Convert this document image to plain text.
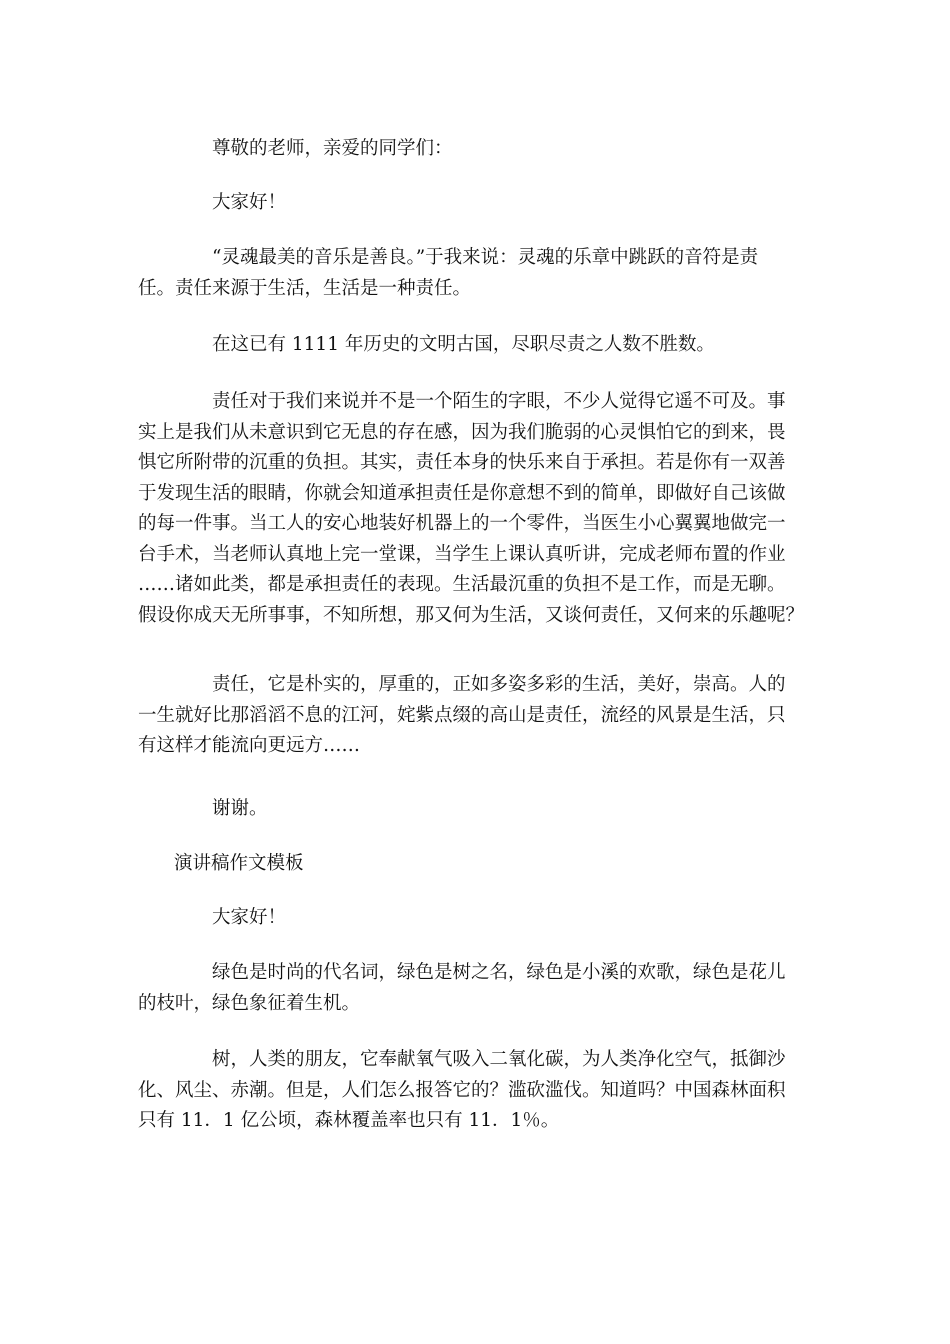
尊敬的老师，亲爱的同学们：

大家好！

“灵魂最美的音乐是善良。”于我来说：灵魂的乐章中跳跃的音符是责
任。责任来源于生活，生活是一种责任。

在这已有 1111 年历史的文明古国，尽职尽责之人数不胜数。

责任对于我们来说并不是一个陌生的字眼，不少人觉得它遥不可及。事
实上是我们从未意识到它无息的存在感，因为我们脆弱的心灵惧怕它的到来，畏
惧它所附带的沉重的负担。其实，责任本身的快乐来自于承担。若是你有一双善
于发现生活的眼睛，你就会知道承担责任是你意想不到的简单，即做好自己该做
的每一件事。当工人的安心地装好机器上的一个零件，当医生小心翼翼地做完一
台手术，当老师认真地上完一堂课，当学生上课认真听讲，完成老师布置的作业
……诸如此类，都是承担责任的表现。生活最沉重的负担不是工作，而是无聊。
假设你成天无所事事，不知所想，那又何为生活，又谈何责任，又何来的乐趣呢？

责任，它是朴实的，厚重的，正如多姿多彩的生活，美好，崇高。人的
一生就好比那滔滔不息的江河，姹紫点缀的高山是责任，流经的风景是生活，只
有这样才能流向更远方……

谢谢。

演讲稿作文模板

大家好！

绿色是时尚的代名词，绿色是树之名，绿色是小溪的欢歌，绿色是花儿
的枝叶，绿色象征着生机。

树，人类的朋友，它奉献氧气吸入二氧化碳，为人类净化空气，抵御沙
化、风尘、赤潮。但是，人们怎么报答它的？滥砍滥伐。知道吗？中国森林面积
只有 11．1 亿公顷，森林覆盖率也只有 11．1％。
